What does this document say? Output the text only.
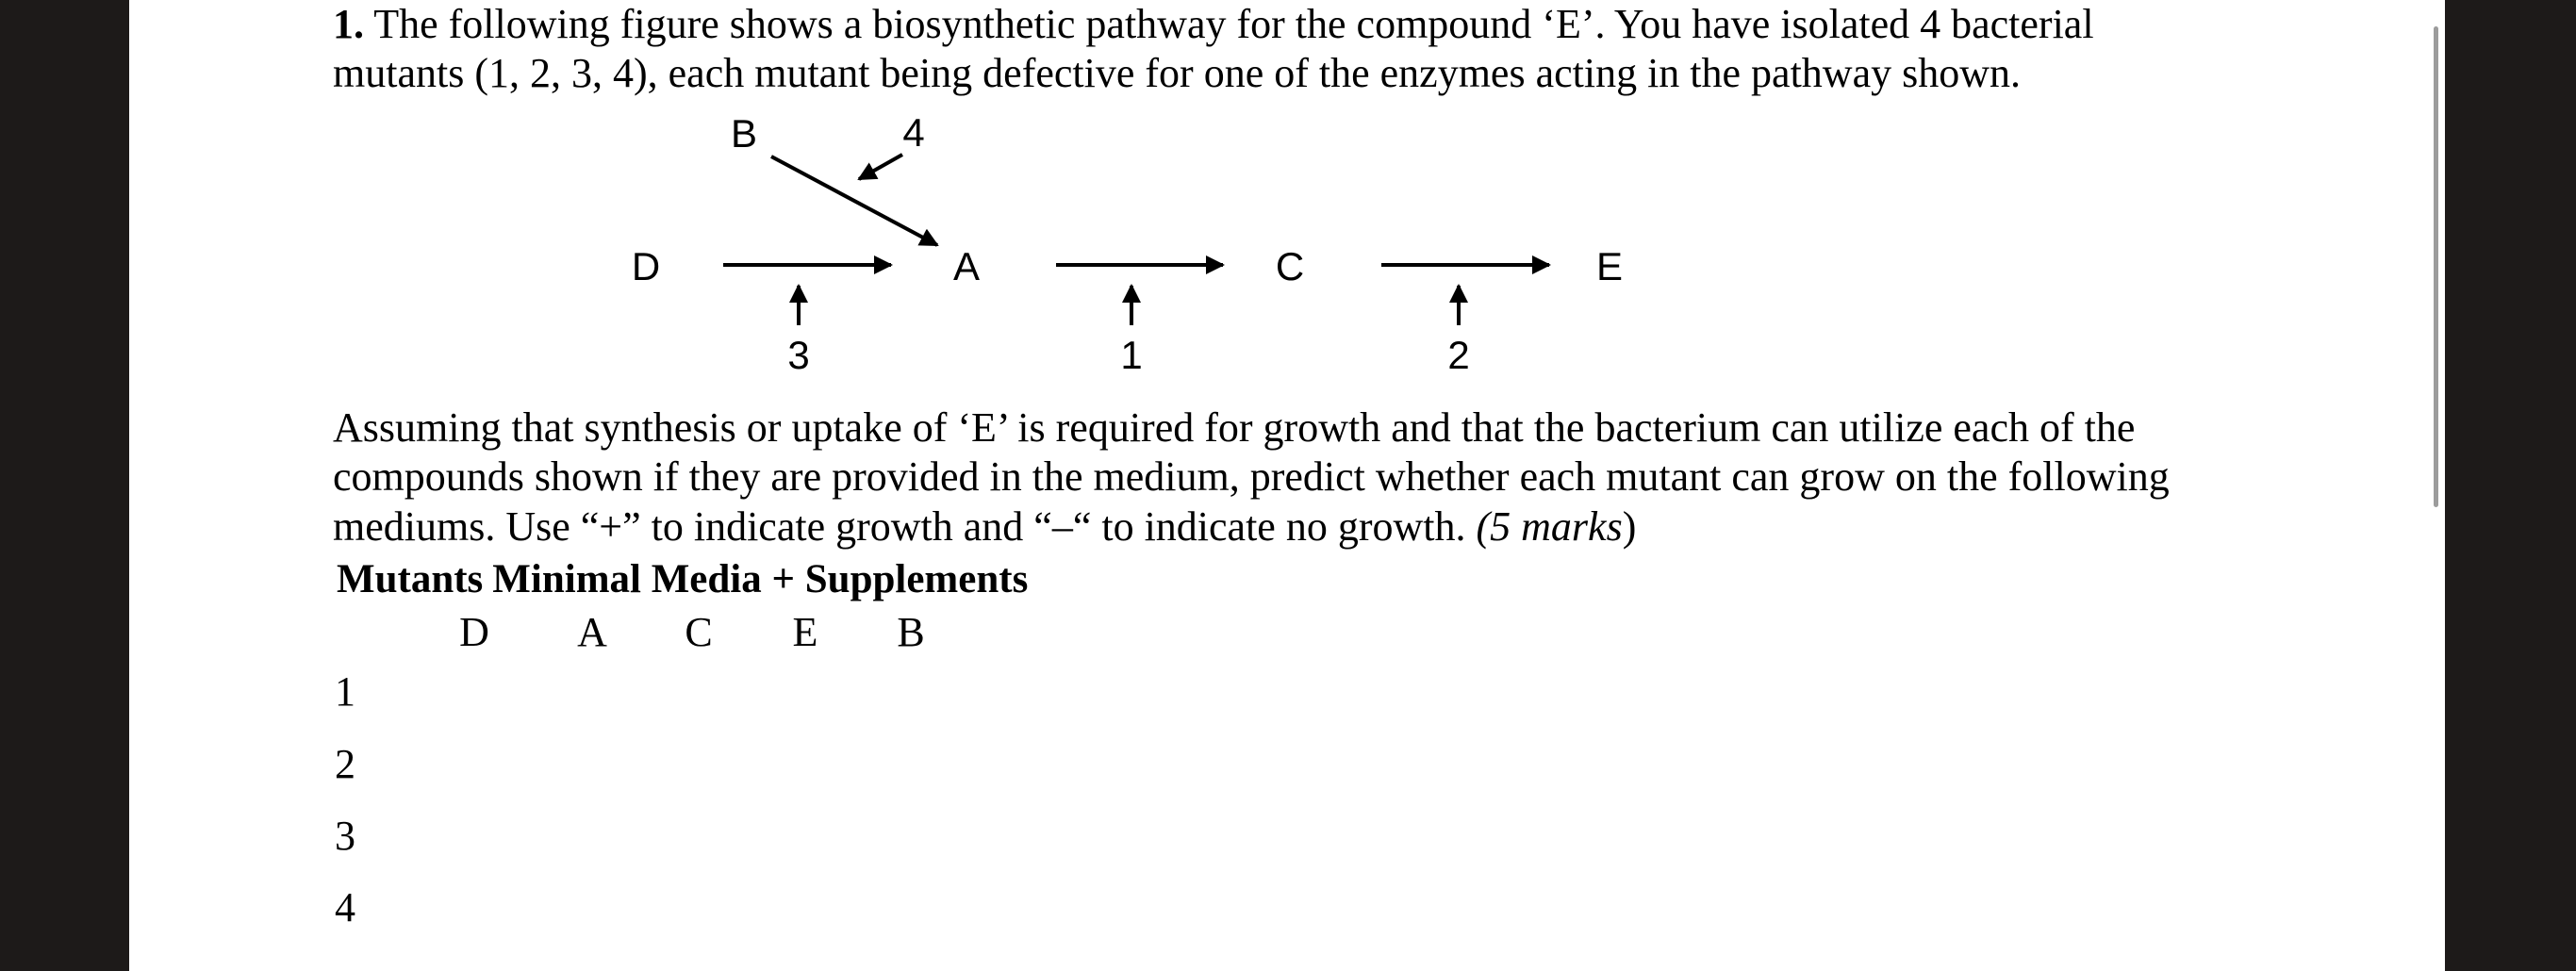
1. The following figure shows a biosynthetic pathway for the compound ‘E’. You have isolated 4 bacterial

mutants (1, 2, 3, 4), each mutant being defective for one of the enzymes acting in the pathway shown.

B
D	A	C	E
3	1	2
4

Assuming that synthesis or uptake of ‘E’ is required for growth and that the bacterium can utilize each of the

compounds shown if they are provided in the medium, predict whether each mutant can grow on the following

mediums. Use “+” to indicate growth and “–“ to indicate no growth. (5 marks)

Mutants Minimal Media + Supplements
D	A	C	E	B
1
2
3
4
